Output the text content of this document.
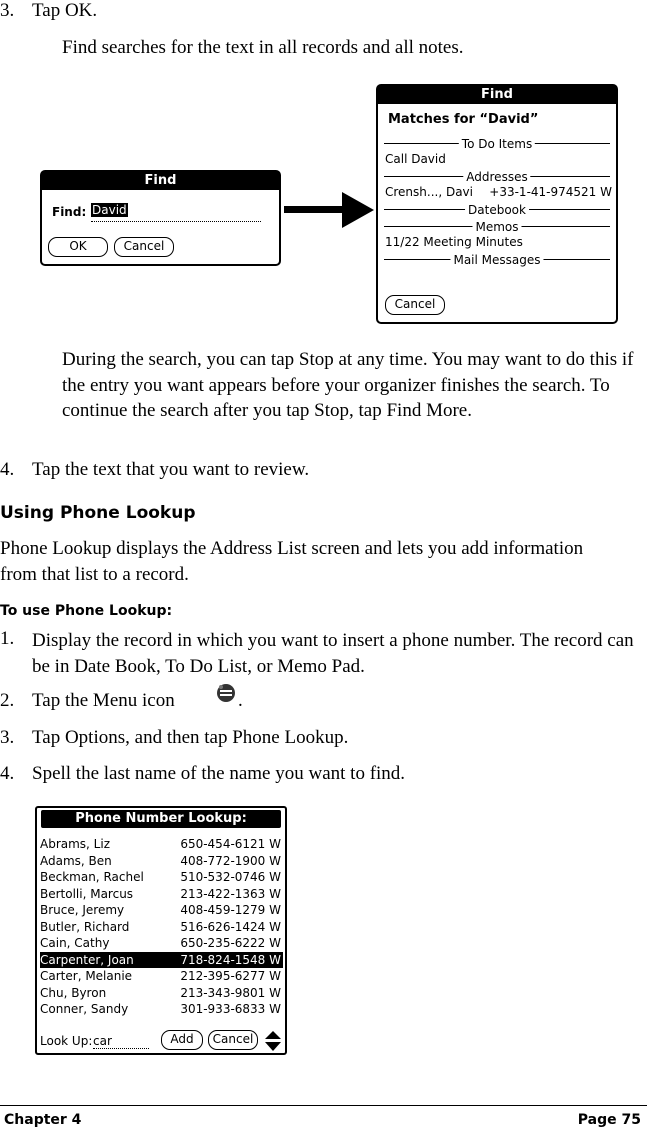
3. Tap OK.
Find searches for the text in all records and all notes.
Find
Find: David
OK	Cancel
Find
Matches for “David”
To Do Items
Call David
Addresses
Crensh..., Davi +33-1-41-974521 W
Datebook
Memos
11/22 Meeting Minutes
Mail Messages
Cancel
During the search, you can tap Stop at any time. You may want to do this if the entry you want appears before your organizer finishes the search. To continue the search after you tap Stop, tap Find More.
4. Tap the text that you want to review.
Using Phone Lookup
Phone Lookup displays the Address List screen and lets you add information from that list to a record.
To use Phone Lookup:
1. Display the record in which you want to insert a phone number. The record can be in Date Book, To Do List, or Memo Pad.
2. Tap the Menu icon	.
3. Tap Options, and then tap Phone Lookup.
4. Spell the last name of the name you want to find.
Phone Number Lookup:
Abrams, Liz	650-454-6121 W
Adams, Ben	408-772-1900 W
Beckman, Rachel	510-532-0746 W
Bertolli, Marcus	213-422-1363 W
Bruce, Jeremy	408-459-1279 W
Butler, Richard	516-626-1424 W
Cain, Cathy	650-235-6222 W
Carpenter, Joan	718-824-1548 W
Carter, Melanie	212-395-6277 W
Chu, Byron	213-343-9801 W
Conner, Sandy	301-933-6833 W
Look Up: car	Add	Cancel
Chapter 4	Page 75
